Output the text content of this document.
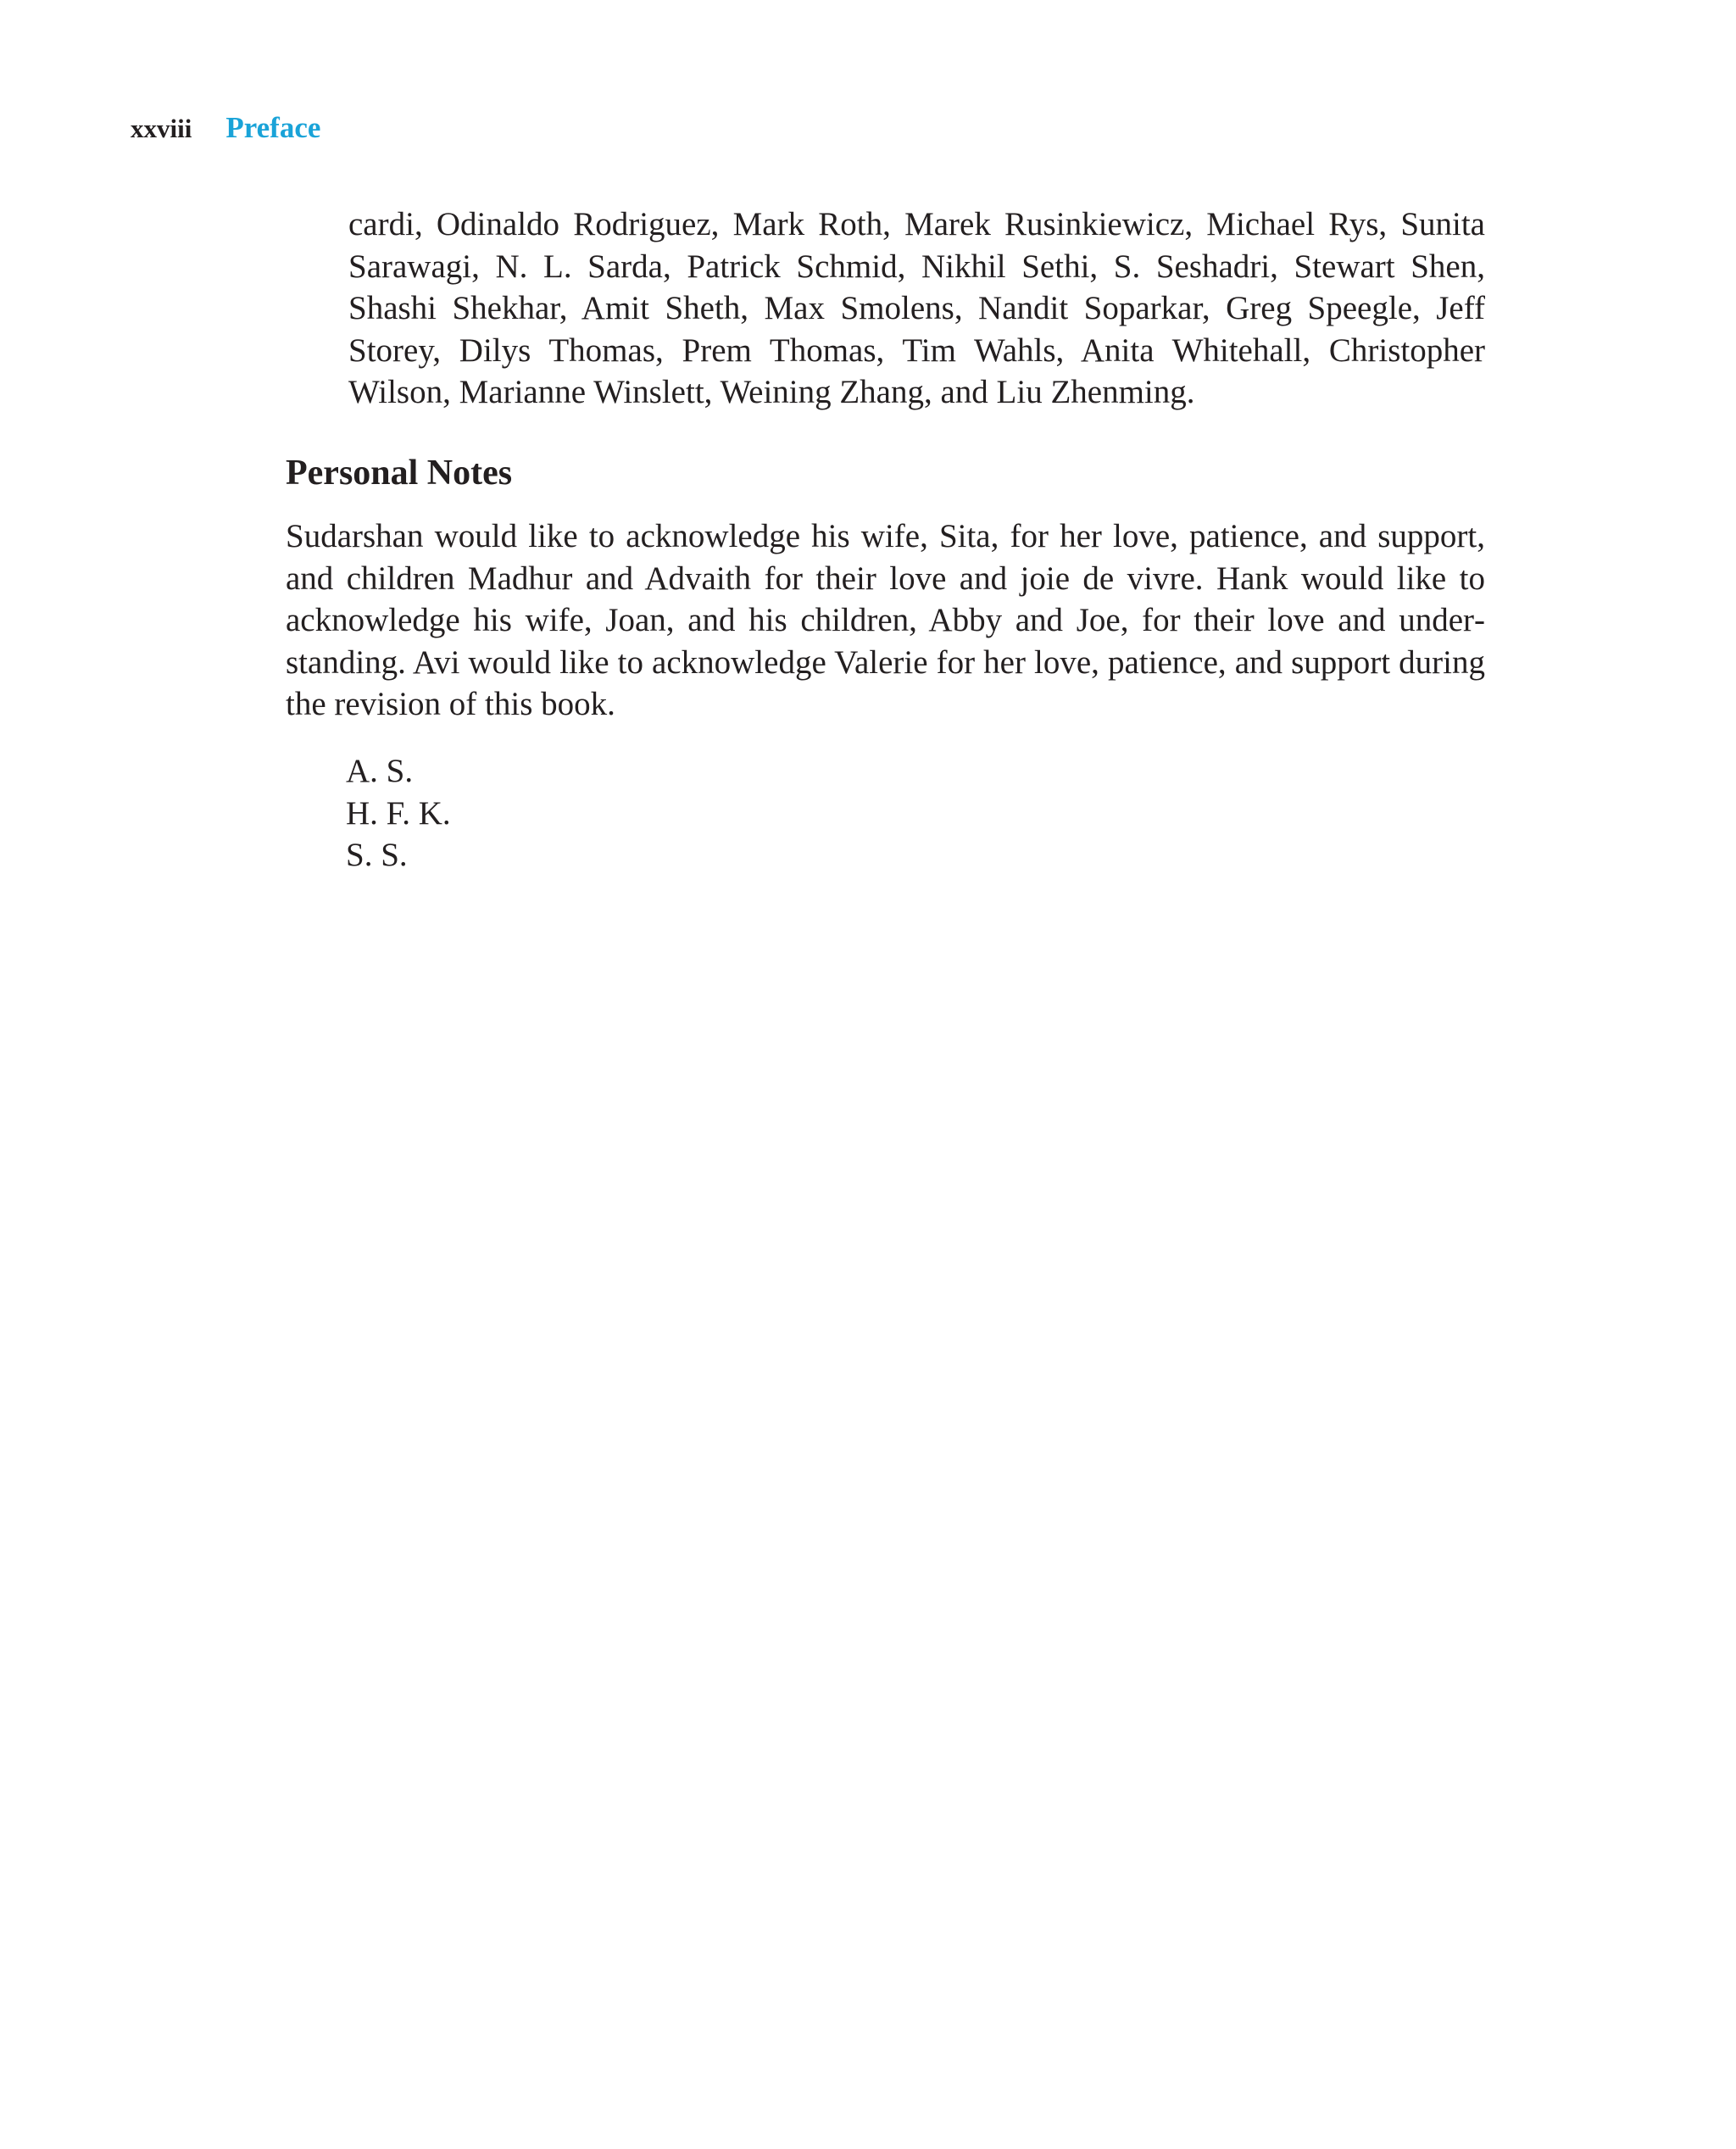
xxviii Preface

cardi, Odinaldo Rodriguez, Mark Roth, Marek Rusinkiewicz, Michael Rys, Sunita Sarawagi, N. L. Sarda, Patrick Schmid, Nikhil Sethi, S. Seshadri, Stewart Shen, Shashi Shekhar, Amit Sheth, Max Smolens, Nandit Soparkar, Greg Speegle, Jeff Storey, Dilys Thomas, Prem Thomas, Tim Wahls, Anita Whitehall, Christopher Wilson, Marianne Winslett, Weining Zhang, and Liu Zhenming.

Personal Notes

Sudarshan would like to acknowledge his wife, Sita, for her love, patience, and support, and children Madhur and Advaith for their love and joie de vivre. Hank would like to acknowledge his wife, Joan, and his children, Abby and Joe, for their love and understanding. Avi would like to acknowledge Valerie for her love, patience, and support during the revision of this book.

A. S.
H. F. K.
S. S.
